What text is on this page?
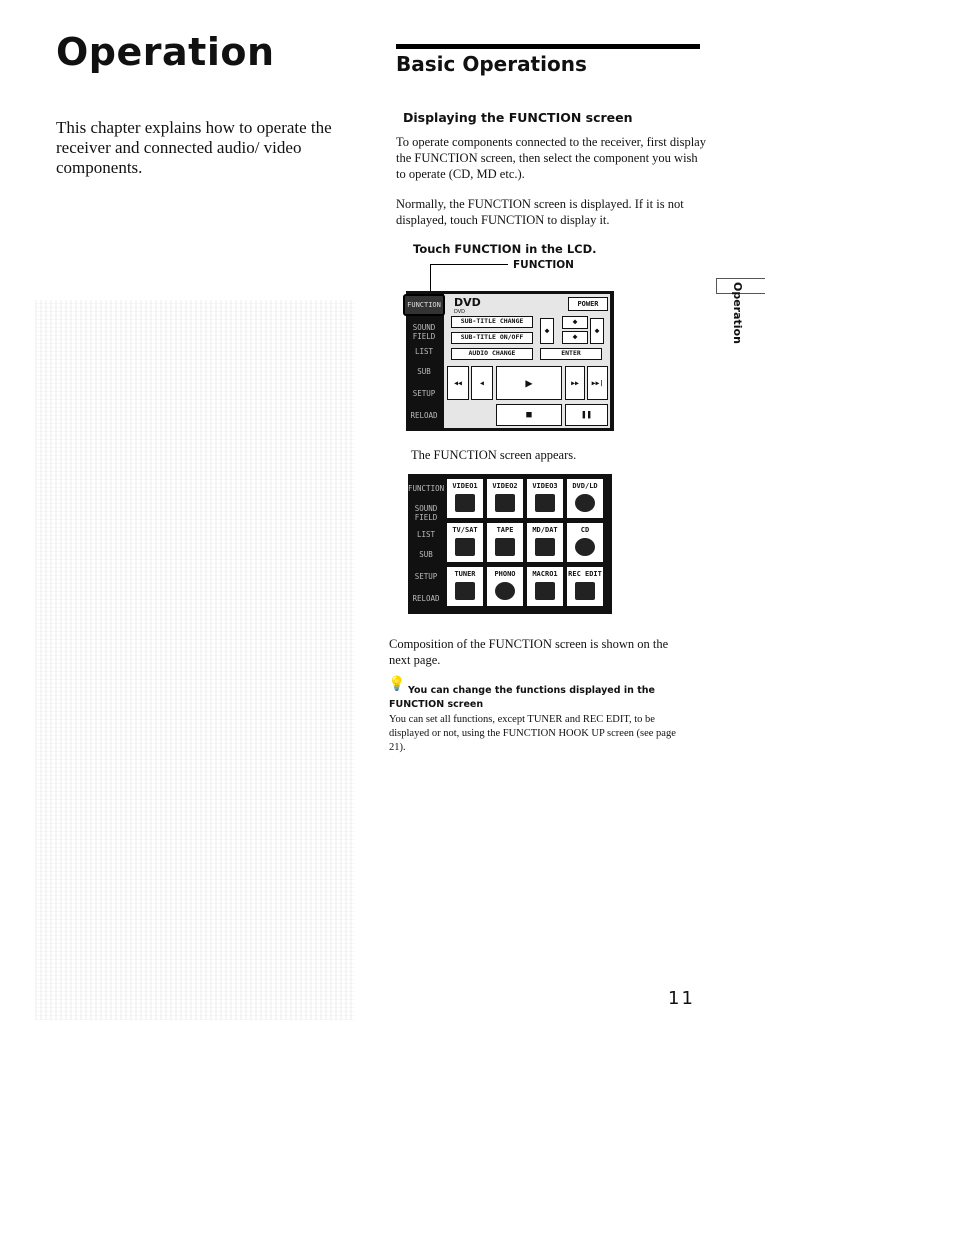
Operation

This chapter explains how to operate the receiver and connected audio/ video components.

Basic Operations
Displaying the FUNCTION screen

To operate components connected to the receiver, first display the FUNCTION screen, then select the component you wish to operate (CD, MD etc.).

Normally, the FUNCTION screen is displayed. If it is not displayed, touch FUNCTION to display it.

Touch FUNCTION in the LCD.
FUNCTION
SOUND FIELD
LIST
SUB
SETUP
RELOAD
DVD
DVD
POWER
SUB-TITLE CHANGE
SUB-TITLE ON/OFF
AUDIO CHANGE	ENTER
◆
◆
◆
◆
◀◀	◀	▶	▶▶	▶▶|
■	❚❚
FUNCTION

The FUNCTION screen appears.

FUNCTION
SOUND FIELD
LIST
SUB
SETUP
RELOAD
VIDEO1	VIDEO2	VIDEO3	DVD/LD
TV/SAT	TAPE	MD/DAT	CD
TUNER	PHONO	MACRO1	REC EDIT

Composition of the FUNCTION screen is shown on the next page.

💡 You can change the functions displayed in the FUNCTION screen

You can set all functions, except TUNER and REC EDIT, to be displayed or not, using the FUNCTION HOOK UP screen (see page 21).

Operation
11
